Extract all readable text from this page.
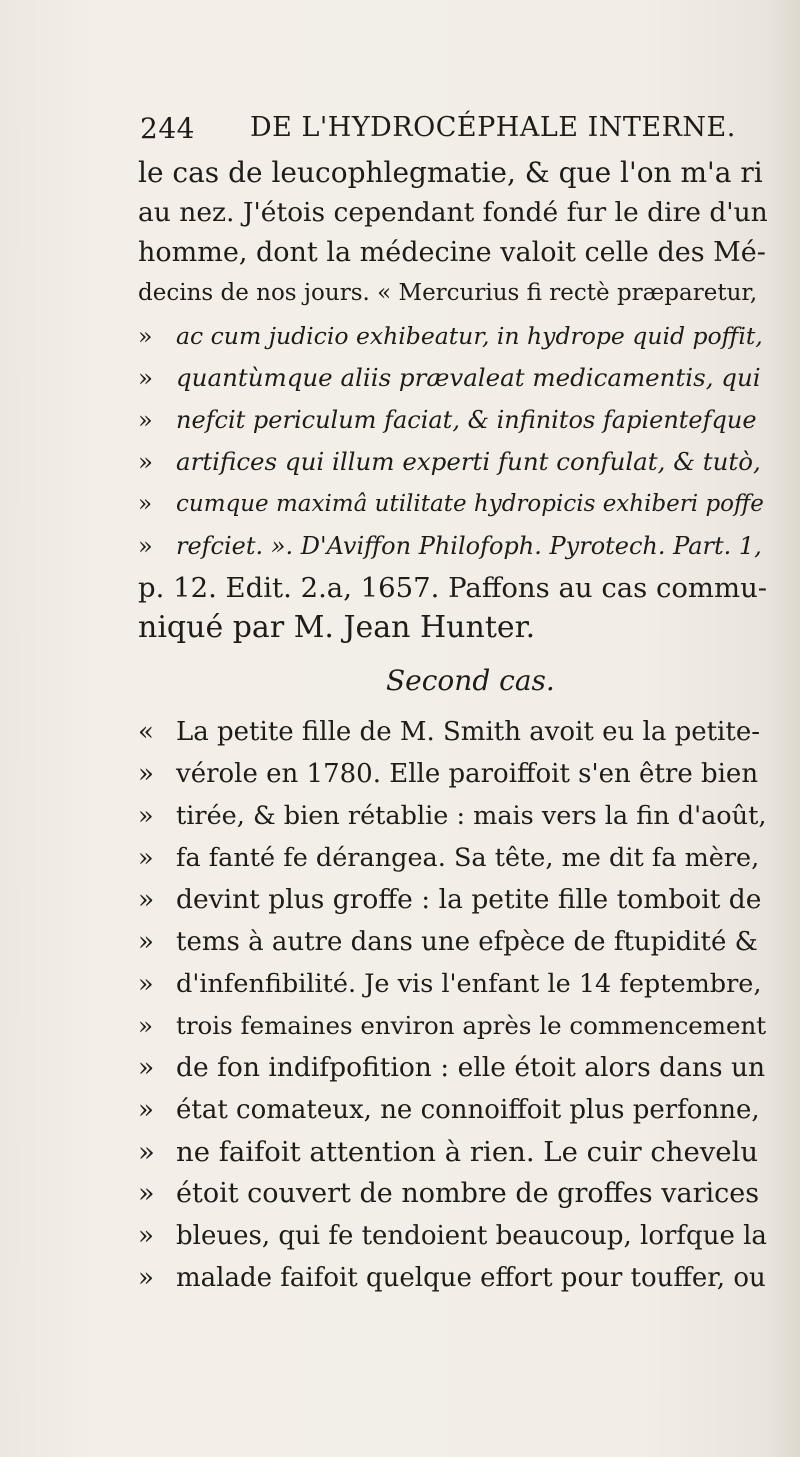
244 DE L'HYDROCÉPHALE INTERNE.
le cas de leucophlegmatie, & que l'on m'a ri
au nez. J'étois cependant fondé fur le dire d'un
homme, dont la médecine valoit celle des Mé-
decins de nos jours. « Mercurius fi rectè præparetur,
» ac cum judicio exhibeatur, in hydrope quid poffit,
» quantùmque aliis prævaleat medicamentis, qui
» nefcit periculum faciat, & infinitos fapientefque
» artifices qui illum experti funt confulat, & tutò,
» cumque maximâ utilitate hydropicis exhiberi poffe
» refciet. ». D'Aviffon Philofoph. Pyrotech. Part. 1,
p. 12. Edit. 2.a, 1657. Paffons au cas commu-
niqué par M. Jean Hunter.
« La petite fille de M. Smith avoit eu la petite-
» vérole en 1780. Elle paroiffoit s'en être bien
» tirée, & bien rétablie : mais vers la fin d'août,
» fa fanté fe dérangea. Sa tête, me dit fa mère,
» devint plus groffe : la petite fille tomboit de
» tems à autre dans une efpèce de ftupidité &
» d'infenfibilité. Je vis l'enfant le 14 feptembre,
» trois femaines environ après le commencement
» de fon indifpofition : elle étoit alors dans un
» état comateux, ne connoiffoit plus perfonne,
» ne faifoit attention à rien. Le cuir chevelu
» étoit couvert de nombre de groffes varices
» bleues, qui fe tendoient beaucoup, lorfque la
» malade faifoit quelque effort pour touffer, ou
Second cas.
